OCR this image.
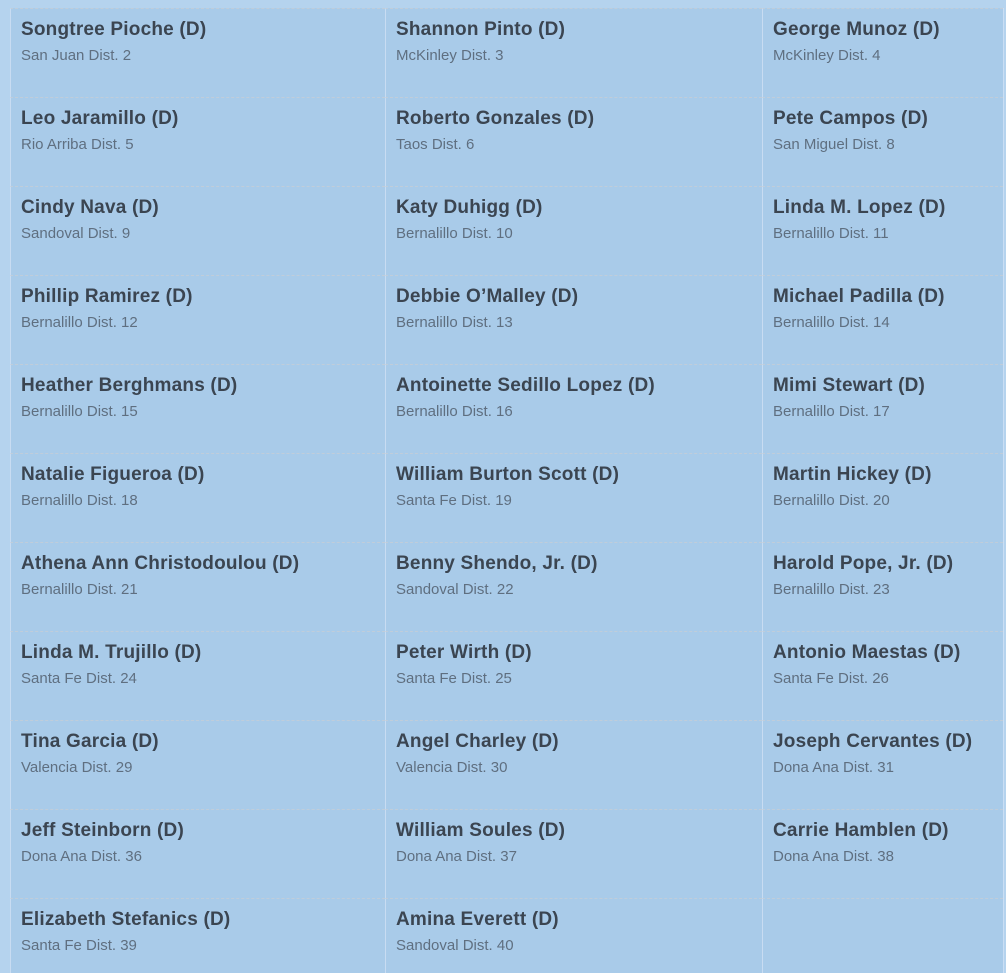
Songtree Pioche (D)
San Juan Dist. 2
Shannon Pinto (D)
McKinley Dist. 3
George Munoz (D)
McKinley Dist. 4
Leo Jaramillo (D)
Rio Arriba Dist. 5
Roberto Gonzales (D)
Taos Dist. 6
Pete Campos (D)
San Miguel Dist. 8
Cindy Nava (D)
Sandoval Dist. 9
Katy Duhigg (D)
Bernalillo Dist. 10
Linda M. Lopez (D)
Bernalillo Dist. 11
Phillip Ramirez (D)
Bernalillo Dist. 12
Debbie O’Malley (D)
Bernalillo Dist. 13
Michael Padilla (D)
Bernalillo Dist. 14
Heather Berghmans (D)
Bernalillo Dist. 15
Antoinette Sedillo Lopez (D)
Bernalillo Dist. 16
Mimi Stewart (D)
Bernalillo Dist. 17
Natalie Figueroa (D)
Bernalillo Dist. 18
William Burton Scott (D)
Santa Fe Dist. 19
Martin Hickey (D)
Bernalillo Dist. 20
Athena Ann Christodoulou (D)
Bernalillo Dist. 21
Benny Shendo, Jr. (D)
Sandoval Dist. 22
Harold Pope, Jr. (D)
Bernalillo Dist. 23
Linda M. Trujillo (D)
Santa Fe Dist. 24
Peter Wirth (D)
Santa Fe Dist. 25
Antonio Maestas (D)
Santa Fe Dist. 26
Tina Garcia (D)
Valencia Dist. 29
Angel Charley (D)
Valencia Dist. 30
Joseph Cervantes (D)
Dona Ana Dist. 31
Jeff Steinborn (D)
Dona Ana Dist. 36
William Soules (D)
Dona Ana Dist. 37
Carrie Hamblen (D)
Dona Ana Dist. 38
Elizabeth Stefanics (D)
Santa Fe Dist. 39
Amina Everett (D)
Sandoval Dist. 40
